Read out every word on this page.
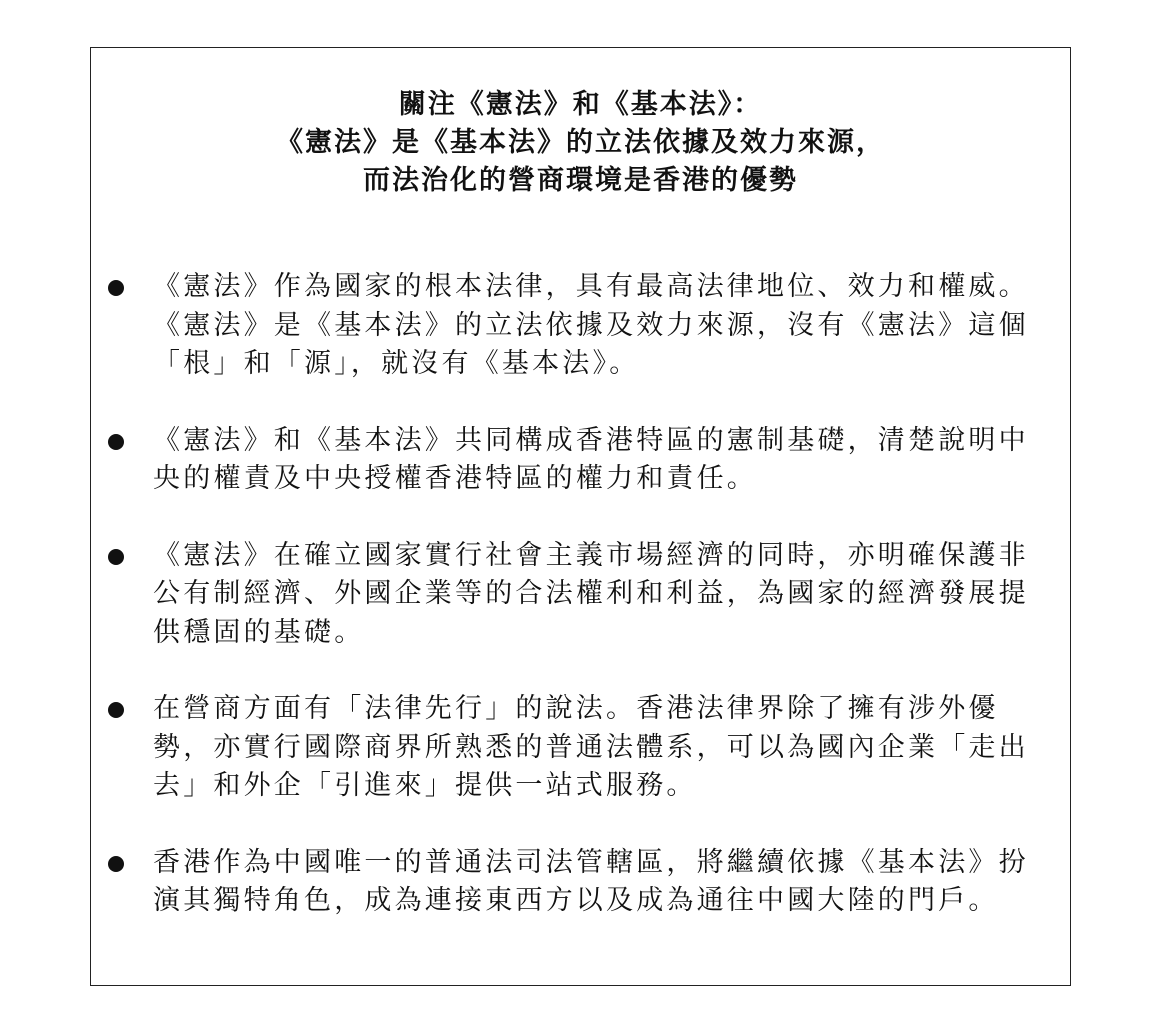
關注《憲法》和《基本法》：
《憲法》是《基本法》的立法依據及效力來源，
而法治化的營商環境是香港的優勢
《憲法》作為國家的根本法律，具有最高法律地位、效力和權威。《憲法》是《基本法》的立法依據及效力來源，沒有《憲法》這個「根」和「源」，就沒有《基本法》。
《憲法》和《基本法》共同構成香港特區的憲制基礎，清楚說明中央的權責及中央授權香港特區的權力和責任。
《憲法》在確立國家實行社會主義市場經濟的同時，亦明確保護非公有制經濟、外國企業等的合法權利和利益，為國家的經濟發展提供穩固的基礎。
在營商方面有「法律先行」的說法。香港法律界除了擁有涉外優勢，亦實行國際商界所熟悉的普通法體系，可以為國內企業「走出去」和外企「引進來」提供一站式服務。
香港作為中國唯一的普通法司法管轄區，將繼續依據《基本法》扮演其獨特角色，成為連接東西方以及成為通往中國大陸的門戶。
